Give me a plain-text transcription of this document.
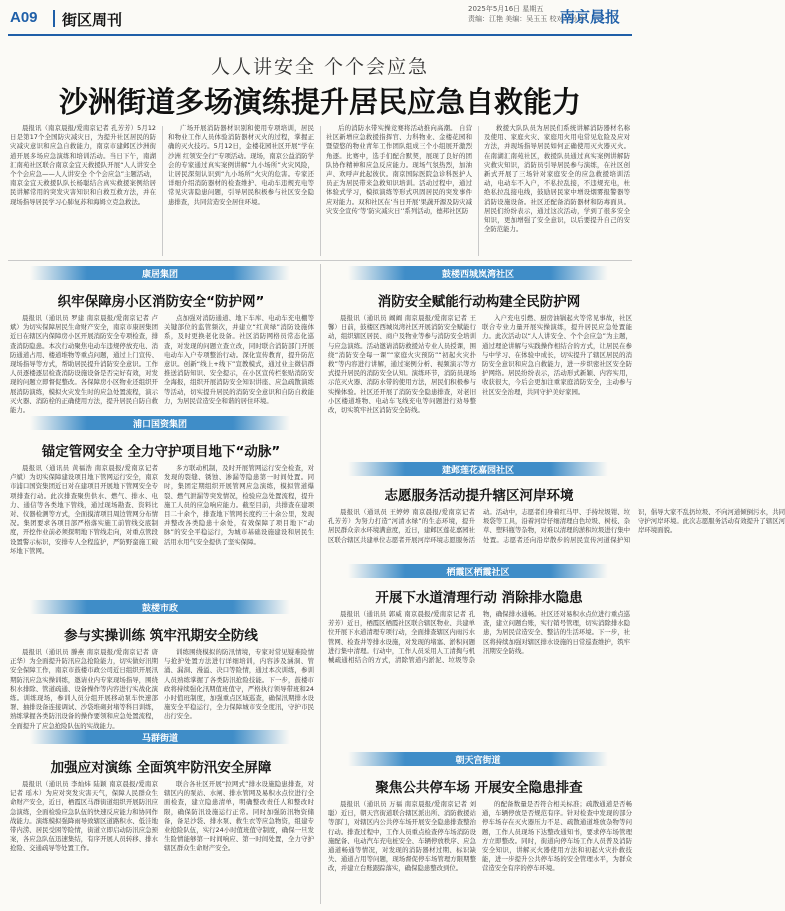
A09 街区周刊
2025年5月16日 星期五
责编：江艳 美编：吴玉玉 校对：孙峥
南京晨报
人人讲安全 个个会应急
沙洲街道多场演练提升居民应急自救能力

晨报讯（南京晨报/爱南京记者 孔芳芳）5月12日是第17个全国防灾减灾日，为提升社区居民的防灾减灾意识和应急自救能力，南京市建邺区沙洲街道开展多场应急演练和培训活动。当日下午，南湖汇南苑社区联合南京金宜天救援队开展“人人讲安全 个个会应急——人人讲安全 个个会应急”主题活动，南京金宜天救援队队长杨聪结合真实救援案例给居民讲解常用的突发灾害知识和自救互救方法，并在现场指导居民学习心肺复苏和海姆立克急救法。

广场开展消防器材识别和使用专项培训，居民和物业工作人员体验消防器材灭火的过程，掌握正确的灭火技巧。5月12日，金楼花园社区开展“学在沙洲 红领安全行”专项活动。现场，南京公益消防学会的专家通过真实案例讲解“九小场所”火灾风险，让居民深刻认识到“九小场所”火灾的危害。专家还详细介绍消防器材的检查维护、电动车违规充电等常见灾害隐患问题，引导居民积极参与社区安全隐患排查，共同营造安全居住环境。

后的消防水带实操竞赛将活动推向高潮。 自营社区新增应急救援指挥官、力科物业、金楼花园和暨望悠的物业青年工作团队组成三个小组展开激烈角逐。比赛中，选手们配合默契，展现了良好的团队协作精神和应急反应能力。现场气氛热烈，加油声、欢呼声此起彼伏。南京国际医院急诊科医护人员正为居民带来急救知识培训。活动过程中，通过体验式学习，模拟演练等形式巩固居民的突发事件应对能力。双和社区在‘当日开展’果蔬开源及防灾减灾安全宣传‘等’防灾减灾日‘’系列活动，德邦社区防

救援大队队员为居民们系统讲解消防器材名称及使用、家庭火灾、家庭用火用电常见危险及应对方法，并现场指导居民如何正确使用灭火器灭火。在南湖汇南苑社区，救援队员通过真实案例讲解防灾救灾知识，消防员引导居民参与演练，在社区创新式开展了三场针对家庭安全的应急救援培训活动，电动车不入户，不私拉乱接，不违规充电，杜绝私拉乱接电线，鼓励居民家中增设烟雾报警器等消防设施设备。社区还配备消防器材和防毒面具。居民们纷纷表示，通过这次活动，学到了很多安全知识，更加增强了安全意识，以后要提升自己的安全防范能力。

康居集团
织牢保障房小区消防安全“防护网”

晨报讯（通讯员 罗建 南京晨报/爱南京记者 卢斌）为切实保障居民生命财产安全，南京市康居集团近日在辖区内保障房小区开展消防安全专项检查，排查消防隐患。本次行动聚焦电动车违规停放充电、消防通道占用、楼道堆物等重点问题，通过上门宣传、现场指导等方式，帮助居民提升消防安全意识。工作人员逐楼逐层检查消防设施设备是否完好有效，对发现的问题立即督促整改。各保障房小区物业还组织开展消防演练，模拟火灾发生时的应急处置流程，演示灭火器、消防栓的正确使用方法，提升居民自防自救能力。

点加强对消防通道、地下车库、电动车充电棚等关键部位的监管频次，并建立“红黄绿”消防设施体系，及时更换老化设备。社区消防网格员常态化巡查，对发现的问题立查立改，同时联合消防部门开展电动车入户专项整治行动。深化宣传教育，提升防范意识。创新“线上+线下”宣教模式，通过业主微信群推送消防知识、安全提示，在小区宣传栏张贴消防安全海报，组织开展消防安全知识讲座、应急疏散演练等活动，切实提升居民的消防安全意识和自防自救能力，为居民营造安全和谐的居住环境。

鼓楼西城岚湾社区
消防安全赋能行动构建全民防护网

晨报讯（通讯员 阚阚 南京晨报/爱南京记者 王馨）日前，鼓楼区西城岚湾社区开展消防安全赋能行动，组织辖区居民、商户及物业等参与消防安全培训与应急演练。活动邀请消防救援站专业人员授课，围绕“消防安全每一课”“家庭火灾预防”“初起火灾扑救”等内容进行讲解，通过案例分析、视频演示等方式提升居民的消防安全认知。演练环节，消防员现场示范灭火器、消防水带的使用方法，居民们积极参与实操体验。社区还开展了消防安全隐患排查，对老旧小区楼道堆物、电动车飞线充电等问题进行劝导整改，切实筑牢社区消防安全防线。

入户充电引燃、厨房油锅起火等常见事故，社区联合专业力量开展实操演练，提升居民应急处置能力。此次活动以“人人讲安全、个个会应急”为主题，通过理论讲解与实践操作相结合的方式，让居民在参与中学习、在体验中成长，切实提升了辖区居民的消防安全意识和应急自救能力，进一步织密社区安全防护网络。居民纷纷表示，活动形式新颖、内容实用，收获很大，今后会更加注重家庭消防安全，主动参与社区安全治理，共同守护美好家园。

浦口国资集团
锚定管网安全 全力守护项目地下“动脉”

晨报讯（通讯员 黄福浩 南京晨报/爱南京记者 卢斌）为切实保障建设项目地下管网运行安全，南京市浦口国资集团近日对在建项目开展地下管网安全专项排查行动。此次排查聚焦供水、燃气、排水、电力、通信等各类地下管线，通过现场勘查、资料比对、仪器检测等方式，全面摸清项目周边管网分布情况。集团要求各项目部严格落实施工前管线交底制度，开挖作业前必须探明地下管线走向，对重点管段设置警示标识，安排专人全程监护，严防野蛮施工破坏地下管网。

多方联动机制，及时开展管网运行安全检查，对发现的裂缝、锈蚀、渗漏等隐患第一时间处置。同时，集团定期组织开展管网应急演练，模拟管道爆裂、燃气泄漏等突发情况，检验应急处置流程，提升施工人员的应急响应能力。截至目前，共排查在建项目二十余个，排查地下管网长度约三十余公里，发现并整改各类隐患十余处，有效保障了项目地下“动脉”的安全平稳运行，为城市基础设施建设和居民生活用水用气安全提供了坚实保障。

建邺莲花嘉园社区
志愿服务活动提升辖区河岸环境

晨报讯（通讯员 王婷婷 南京晨报/爱南京记者 孔芳芳）为努力打造“河清水绿”的生态环境，提升居民群众亲水环境满意度，近日，建邺区莲花嘉园社区联合辖区共建单位志愿者开展河岸环境志愿服务活动。活动中，志愿者们身着红马甲、手持垃圾钳、垃圾袋等工具，沿着河岸仔细清理白色垃圾、树枝、杂草、塑料瓶等杂物，对难以清理的淤积垃圾进行集中处置。志愿者还向沿岸散步的居民宣传河道保护知识，倡导大家不乱扔垃圾、不向河道倾倒污水，共同守护河岸环境。此次志愿服务活动有效提升了辖区河岸环境面貌。

鼓楼市政
参与实操训练 筑牢汛期安全防线

晨报讯（通讯员 滕燕 南京晨报/爱南京记者 唐正华）为全面提升防汛应急抢险能力，切实做好汛期安全保障工作，南京市鼓楼市政公司近日组织开展汛期防汛应急实操训练，邀请业内专家现场指导，围绕积水排除、管道疏通、设备操作等内容进行实战化演练。训练现场，参训人员分组开展移动泵车快速部署、抽排设备连接调试、沙袋堆砌封堵等科目训练，熟练掌握各类防汛设备的操作要领和应急处置流程，全面提升了应急抢险队伍的实战能力。

训练围绕模拟的防汛情境，专家对常见疑难险情与抢护处置方法进行详细培训，内容涉及涵洞、管涌、漏洞、漫溢、决口等险情，通过本次训练，参训人员熟练掌握了各类防汛抢险技能。下一步，鼓楼市政将持续强化汛期值班值守，严格执行领导带班和24小时值班制度，加强重点区域巡查，确保汛期排水设施安全平稳运行，全力保障城市安全度汛，守护市民出行安全。

栖霞区栖霞社区
开展下水道清理行动 消除排水隐患

晨报讯（通讯员 郭威 南京晨报/爱南京记者 孔芳芳）近日，栖霞区栖霞社区联合辖区物业、共建单位开展下水道清理专项行动，全面排查辖区内雨污水管网、检查井等排水设施，对发现的堵塞、淤积问题进行集中清理。行动中，工作人员采用人工清掏与机械疏通相结合的方式，清除管道内淤泥、垃圾等杂物，确保排水通畅。社区还对易积水点位进行重点巡查，建立问题台账，实行销号管理，切实消除排水隐患，为居民营造安全、整洁的生活环境。下一步，社区将持续加强对辖区排水设施的日常巡查维护，筑牢汛期安全防线。

马群街道
加强应对演练 全面筑牢防汛安全屏障

晨报讯（通讯员 李灿炜 陆颖 南京晨报/爱南京记者 瑶木）为应对突发灾害天气，保障人民群众生命财产安全，近日，栖霞区马群街道组织开展防汛应急演练，全面检验应急队伍的快速反应能力和协同作战能力。演练模拟强降雨导致辖区道路积水、低洼地带内涝、居民受困等险情，街道立即启动防汛应急预案，各应急队伍迅速集结，有序开展人员转移、排水抢险、交通疏导等处置工作。

联合各社区开展“拉网式”排水设施隐患排查，对辖区内的泵站、水闸、排水管网及易积水点位进行全面检查，建立隐患清单，明确整改责任人和整改时限，确保防汛设施运行正常。同时加强防汛物资储备，备足沙袋、排水泵、救生衣等应急物资，组建专业抢险队伍，实行24小时值班值守制度，确保一旦发生险情能够第一时间响应、第一时间处置，全力守护辖区群众生命财产安全。

朝天宫街道
聚焦公共停车场 开展安全隐患排查

晨报讯（通讯员 万福 南京晨报/爱南京记者 刘聪）近日，朝天宫街道联合辖区派出所、消防救援站等部门，对辖区内公共停车场开展安全隐患排查整治行动。排查过程中，工作人员重点检查停车场消防设施配备、电动汽车充电桩安全、车辆停放秩序、应急通道畅通等情况，对发现的消防器材过期、标识缺失、通道占用等问题，现场督促停车场管理方限期整改，并建立台账跟踪落实，确保隐患整改到位。

的配备数量是否符合相关标准；疏散通道是否畅通，车辆停放是否规范有序。针对检查中发现的部分停车场存在灭火器压力不足、疏散通道堆放杂物等问题，工作人员现场下达整改通知书，要求停车场管理方立即整改。同时，街道向停车场工作人员普及消防安全知识，讲解灭火器使用方法和初起火灾扑救技能，进一步提升公共停车场的安全管理水平，为群众营造安全有序的停车环境。
